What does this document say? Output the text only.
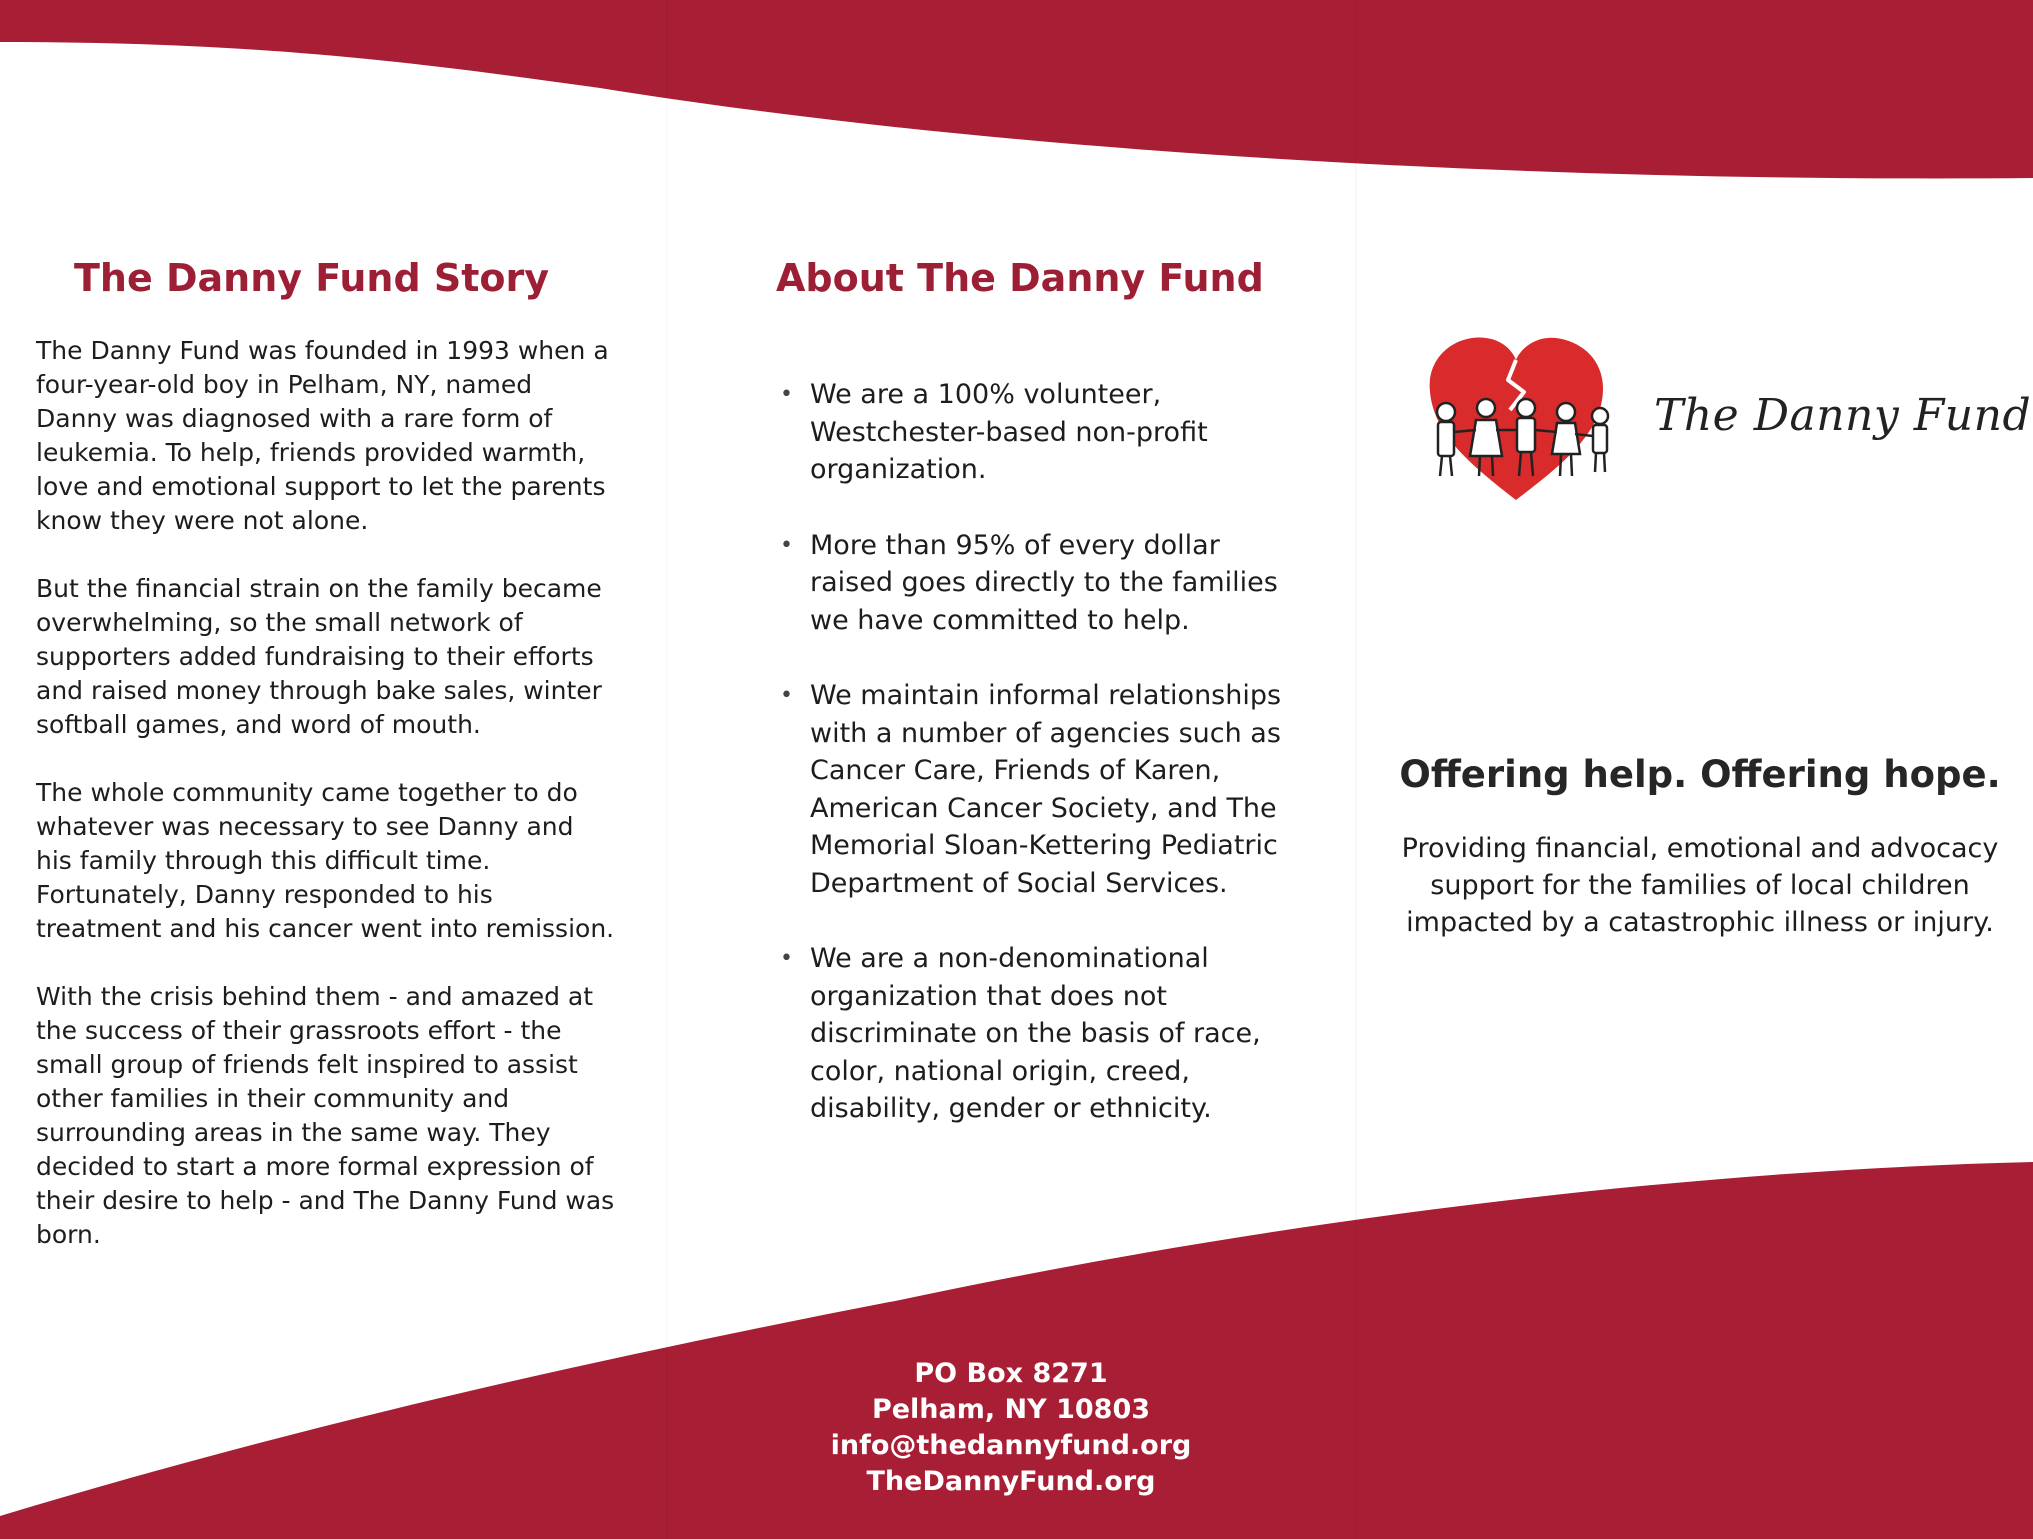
The Danny Fund Story

The Danny Fund was founded in 1993 when a four-year-old boy in Pelham, NY, named Danny was diagnosed with a rare form of leukemia. To help, friends provided warmth, love and emotional support to let the parents know they were not alone.

But the financial strain on the family became overwhelming, so the small network of supporters added fundraising to their efforts and raised money through bake sales, winter softball games, and word of mouth.

The whole community came together to do whatever was necessary to see Danny and his family through this difficult time. Fortunately, Danny responded to his treatment and his cancer went into remission.

With the crisis behind them - and amazed at the success of their grassroots effort - the small group of friends felt inspired to assist other families in their community and surrounding areas in the same way. They decided to start a more formal expression of their desire to help - and The Danny Fund was born.

About The Danny Fund
• We are a 100% volunteer, Westchester-based non-profit organization.
• More than 95% of every dollar raised goes directly to the families we have committed to help.
• We maintain informal relationships with a number of agencies such as Cancer Care, Friends of Karen, American Cancer Society, and The Memorial Sloan-Kettering Pediatric Department of Social Services.
• We are a non-denominational organization that does not discriminate on the basis of race, color, national origin, creed, disability, gender or ethnicity.

The Danny Fund

Offering help. Offering hope.

Providing financial, emotional and advocacy support for the families of local children impacted by a catastrophic illness or injury.

PO Box 8271
Pelham, NY 10803
info@thedannyfund.org
TheDannyFund.org
